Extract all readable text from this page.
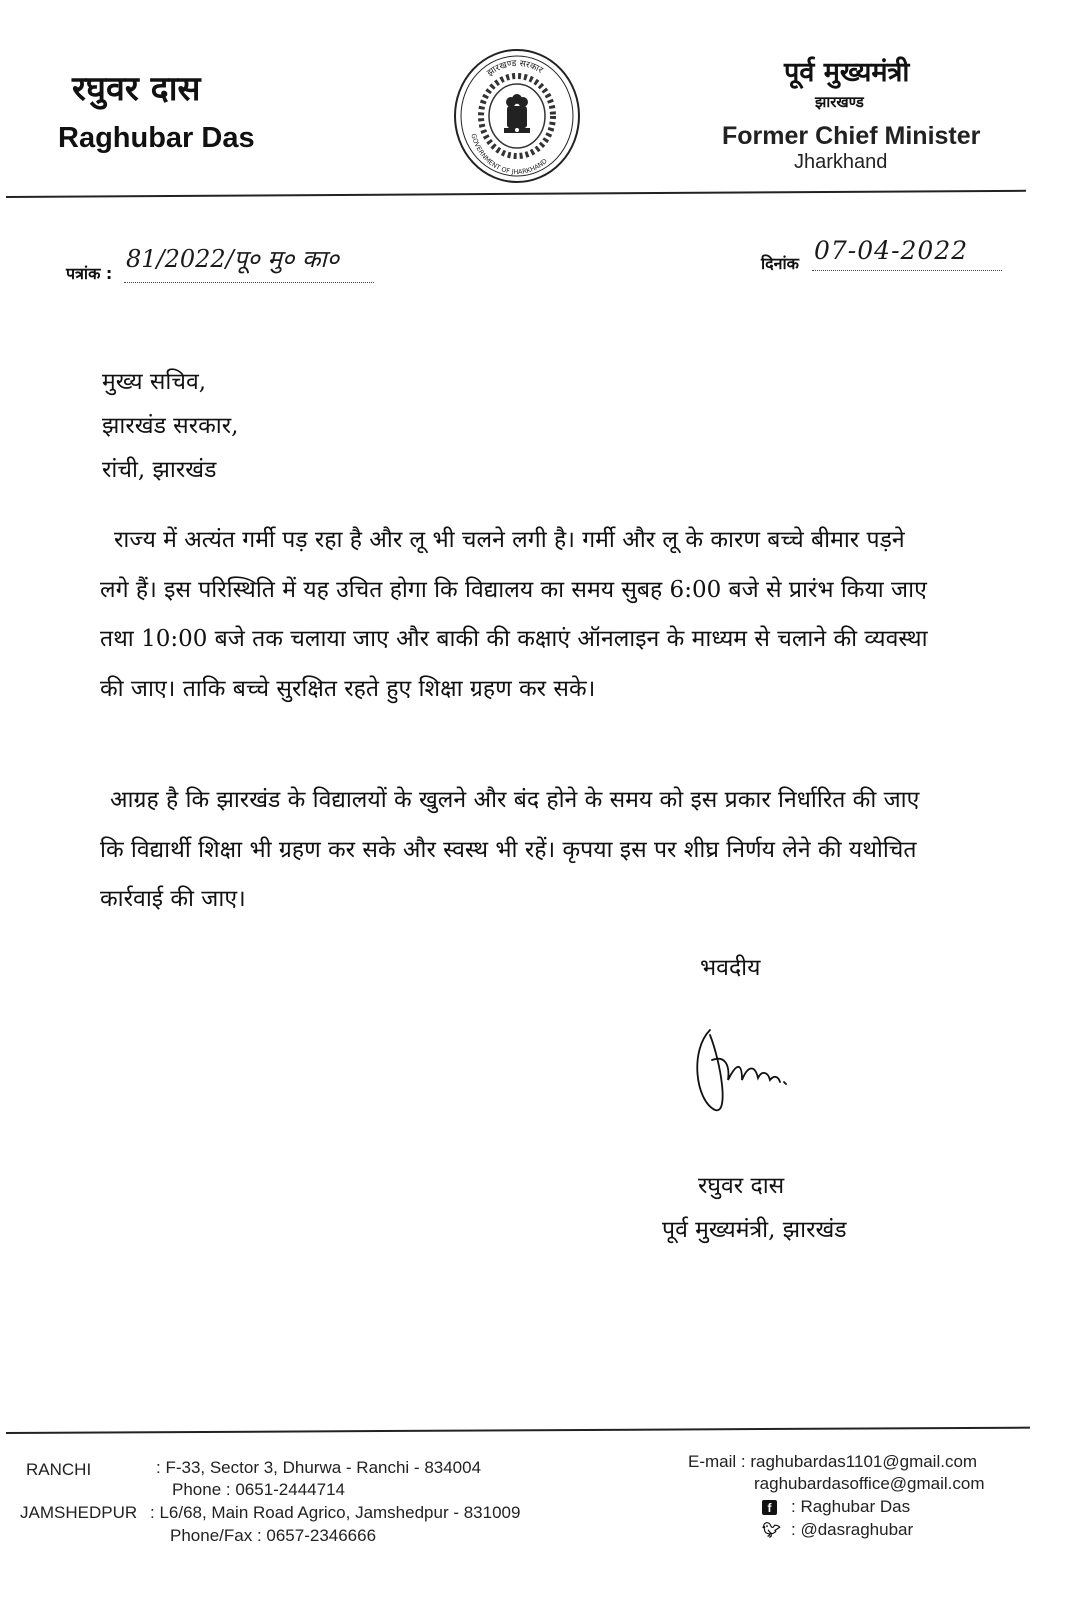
रघुवर दास
Raghubar Das
झारखण्ड सरकार
GOVERNMENT OF JHARKHAND
पूर्व मुख्यमंत्री
झारखण्ड
Former Chief Minister
Jharkhand
पत्रांक :
81/2022/पू० मु० का०	दिनांक 07-04-2022
मुख्य सचिव,
झारखंड सरकार,
रांची, झारखंड

राज्य में अत्यंत गर्मी पड़ रहा है और लू भी चलने लगी है। गर्मी और लू के कारण बच्चे बीमार पड़ने लगे हैं। इस परिस्थिति में यह उचित होगा कि विद्यालय का समय सुबह 6:00 बजे से प्रारंभ किया जाए तथा 10:00 बजे तक चलाया जाए और बाकी की कक्षाएं ऑनलाइन के माध्यम से चलाने की व्यवस्था की जाए। ताकि बच्चे सुरक्षित रहते हुए शिक्षा ग्रहण कर सके।

आग्रह है कि झारखंड के विद्यालयों के खुलने और बंद होने के समय को इस प्रकार निर्धारित की जाए कि विद्यार्थी शिक्षा भी ग्रहण कर सके और स्वस्थ भी रहें। कृपया इस पर शीघ्र निर्णय लेने की यथोचित कार्रवाई की जाए।

भवदीय
रघुवर दास
पूर्व मुख्यमंत्री, झारखंड
RANCHI	: F-33, Sector 3, Dhurwa - Ranchi - 834004
Phone : 0651-2444714
JAMSHEDPUR : L6/68, Main Road Agrico, Jamshedpur - 831009
Phone/Fax : 0657-2346666
E-mail : raghubardas1101@gmail.com
raghubardasoffice@gmail.com
f : Raghubar Das
🐦︎ : @dasraghubar
